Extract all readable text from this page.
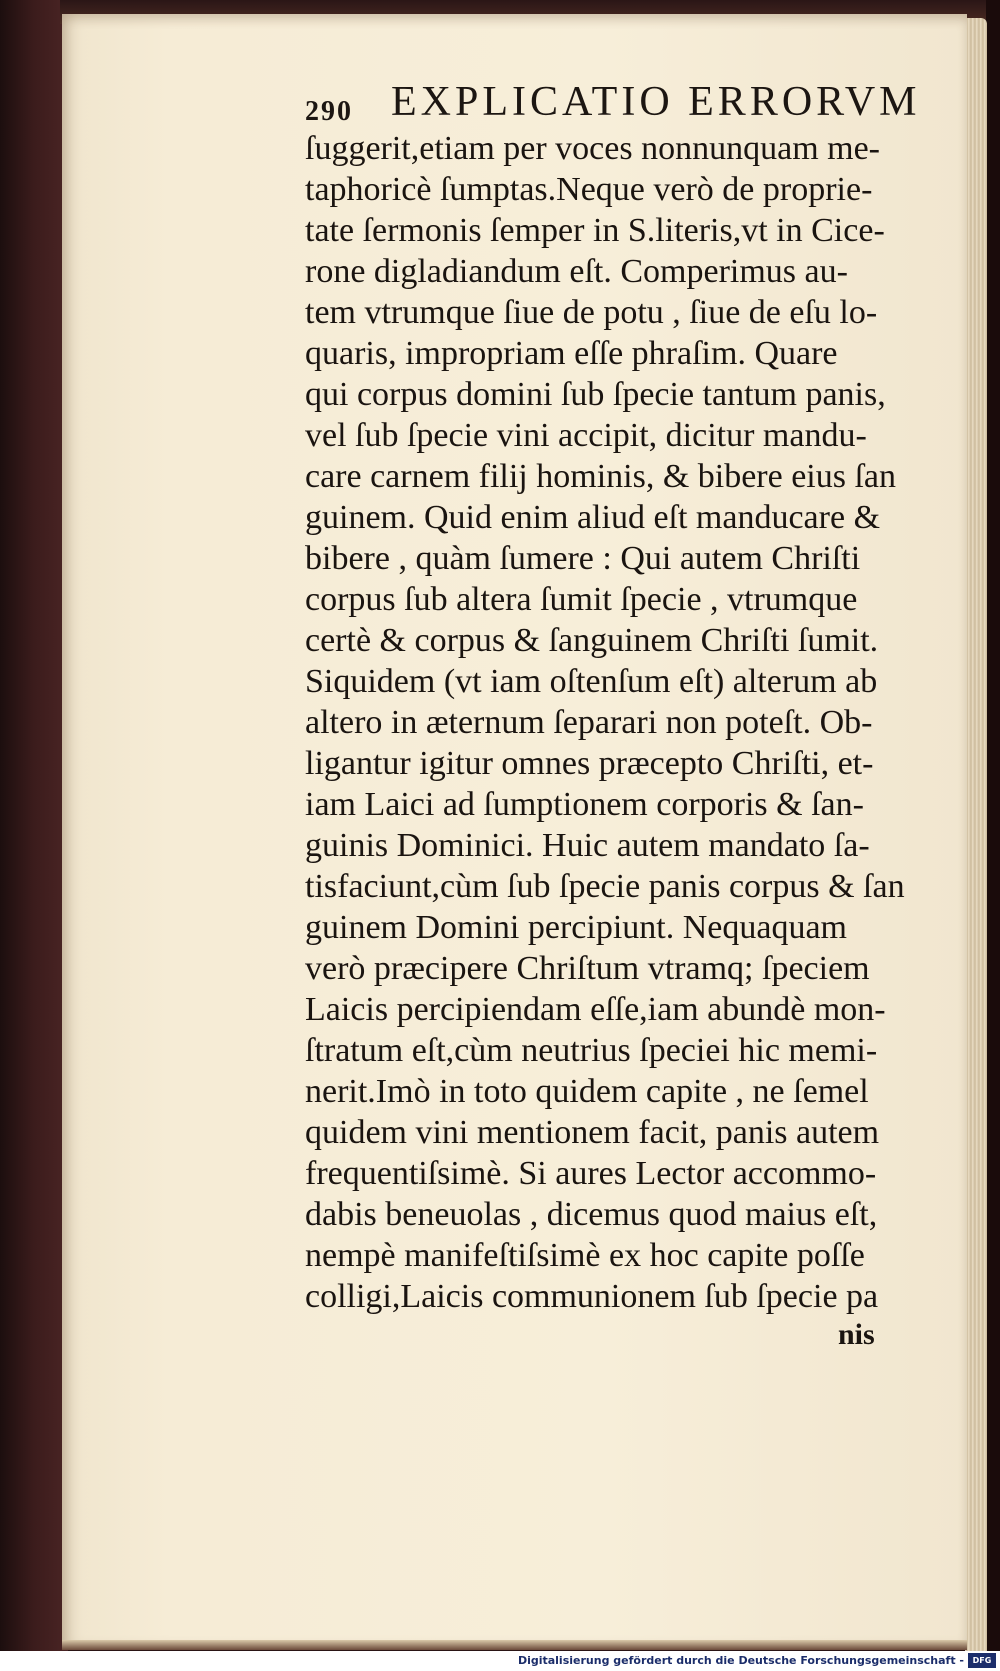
290 EXPLICATIO ERRORVM
ſuggerit,etiam per voces nonnunquam me-
taphoricè ſumptas.Neque verò de proprie-
tate ſermonis ſemper in S.literis,vt in Cice-
rone digladiandum eſt. Comperimus au-
tem vtrumque ſiue de potu , ſiue de eſu lo-
quaris, impropriam eſſe phraſim. Quare
qui corpus domini ſub ſpecie tantum panis,
vel ſub ſpecie vini accipit, dicitur mandu-
care carnem filij hominis, & bibere eius ſan
guinem. Quid enim aliud eſt manducare &
bibere , quàm ſumere : Qui autem Chriſti
corpus ſub altera ſumit ſpecie , vtrumque
certè & corpus & ſanguinem Chriſti ſumit.
Siquidem (vt iam oſtenſum eſt) alterum ab
altero in æternum ſeparari non poteſt. Ob-
ligantur igitur omnes præcepto Chriſti, et-
iam Laici ad ſumptionem corporis & ſan-
guinis Dominici. Huic autem mandato ſa-
tisfaciunt,cùm ſub ſpecie panis corpus & ſan
guinem Domini percipiunt. Nequaquam
verò præcipere Chriſtum vtramq; ſpeciem
Laicis percipiendam eſſe,iam abundè mon-
ſtratum eſt,cùm neutrius ſpeciei hic memi-
nerit.Imò in toto quidem capite , ne ſemel
quidem vini mentionem facit, panis autem
frequentiſsimè. Si aures Lector accommo-
dabis beneuolas , dicemus quod maius eſt,
nempè manifeſtiſsimè ex hoc capite poſſe
colligi,Laicis communionem ſub ſpecie pa
nis
Digitalisierung gefördert durch die Deutsche Forschungsgemeinschaft -	DFG
